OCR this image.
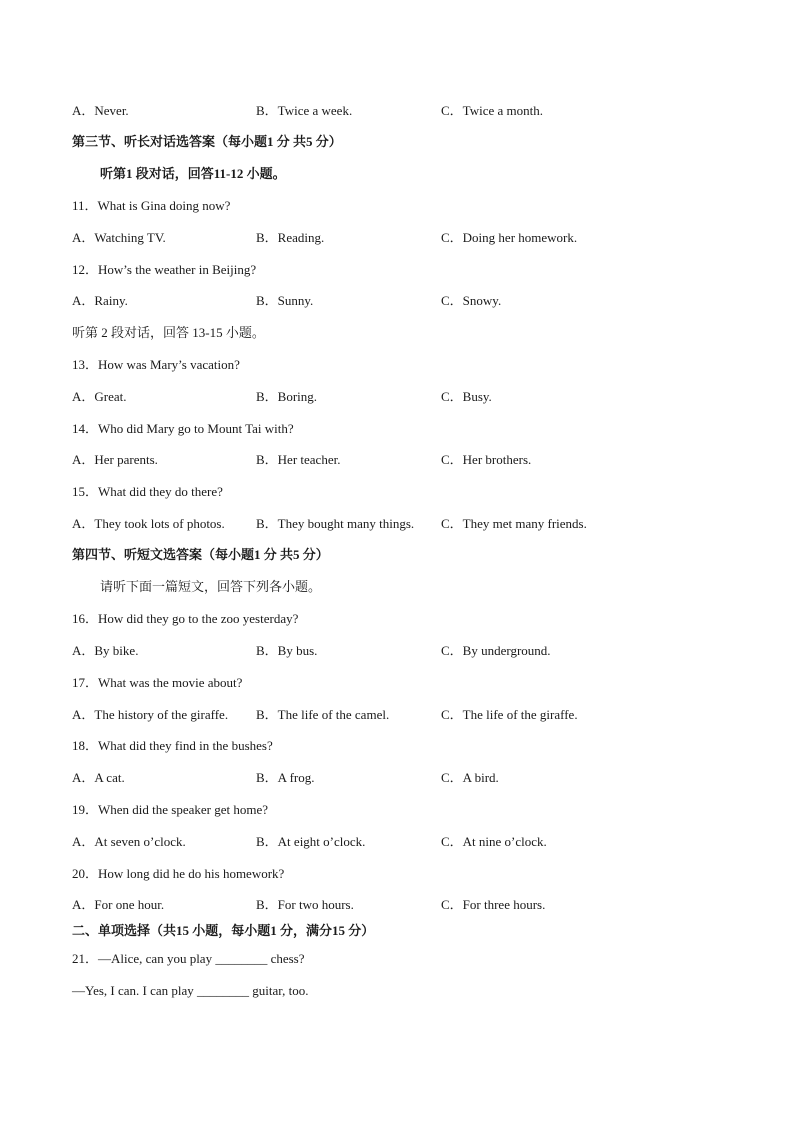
A．Never.	B．Twice a week.	C．Twice a month.
第三节、听长对话选答案（每小题1 分 共5 分）
听第1 段对话，回答11-12 小题。
11．What is Gina doing now?
A．Watching TV.	B．Reading.	C．Doing her homework.
12．How’s the weather in Beijing?
A．Rainy.	B．Sunny.	C．Snowy.
听第 2 段对话，回答 13-15 小题。
13．How was Mary’s vacation?
A．Great.	B．Boring.	C．Busy.
14．Who did Mary go to Mount Tai with?
A．Her parents.	B．Her teacher.	C．Her brothers.
15．What did they do there?
A．They took lots of photos. B．They bought many things. C．They met many friends.
第四节、听短文选答案（每小题1 分 共5 分）
请听下面一篇短文，回答下列各小题。
16．How did they go to the zoo yesterday?
A．By bike.	B．By bus.	C．By underground.
17．What was the movie about?
A．The history of the giraffe. B．The life of the camel.	C．The life of the giraffe.
18．What did they find in the bushes?
A．A cat.	B．A frog.	C．A bird.
19．When did the speaker get home?
A．At seven o’clock.	B．At eight o’clock.	C．At nine o’clock.
20．How long did he do his homework?
A．For one hour.	B．For two hours.	C．For three hours.
二、单项选择（共15 小题，每小题1 分，满分15 分）
21．—Alice, can you play ________ chess?
—Yes, I can. I can play ________ guitar, too.
